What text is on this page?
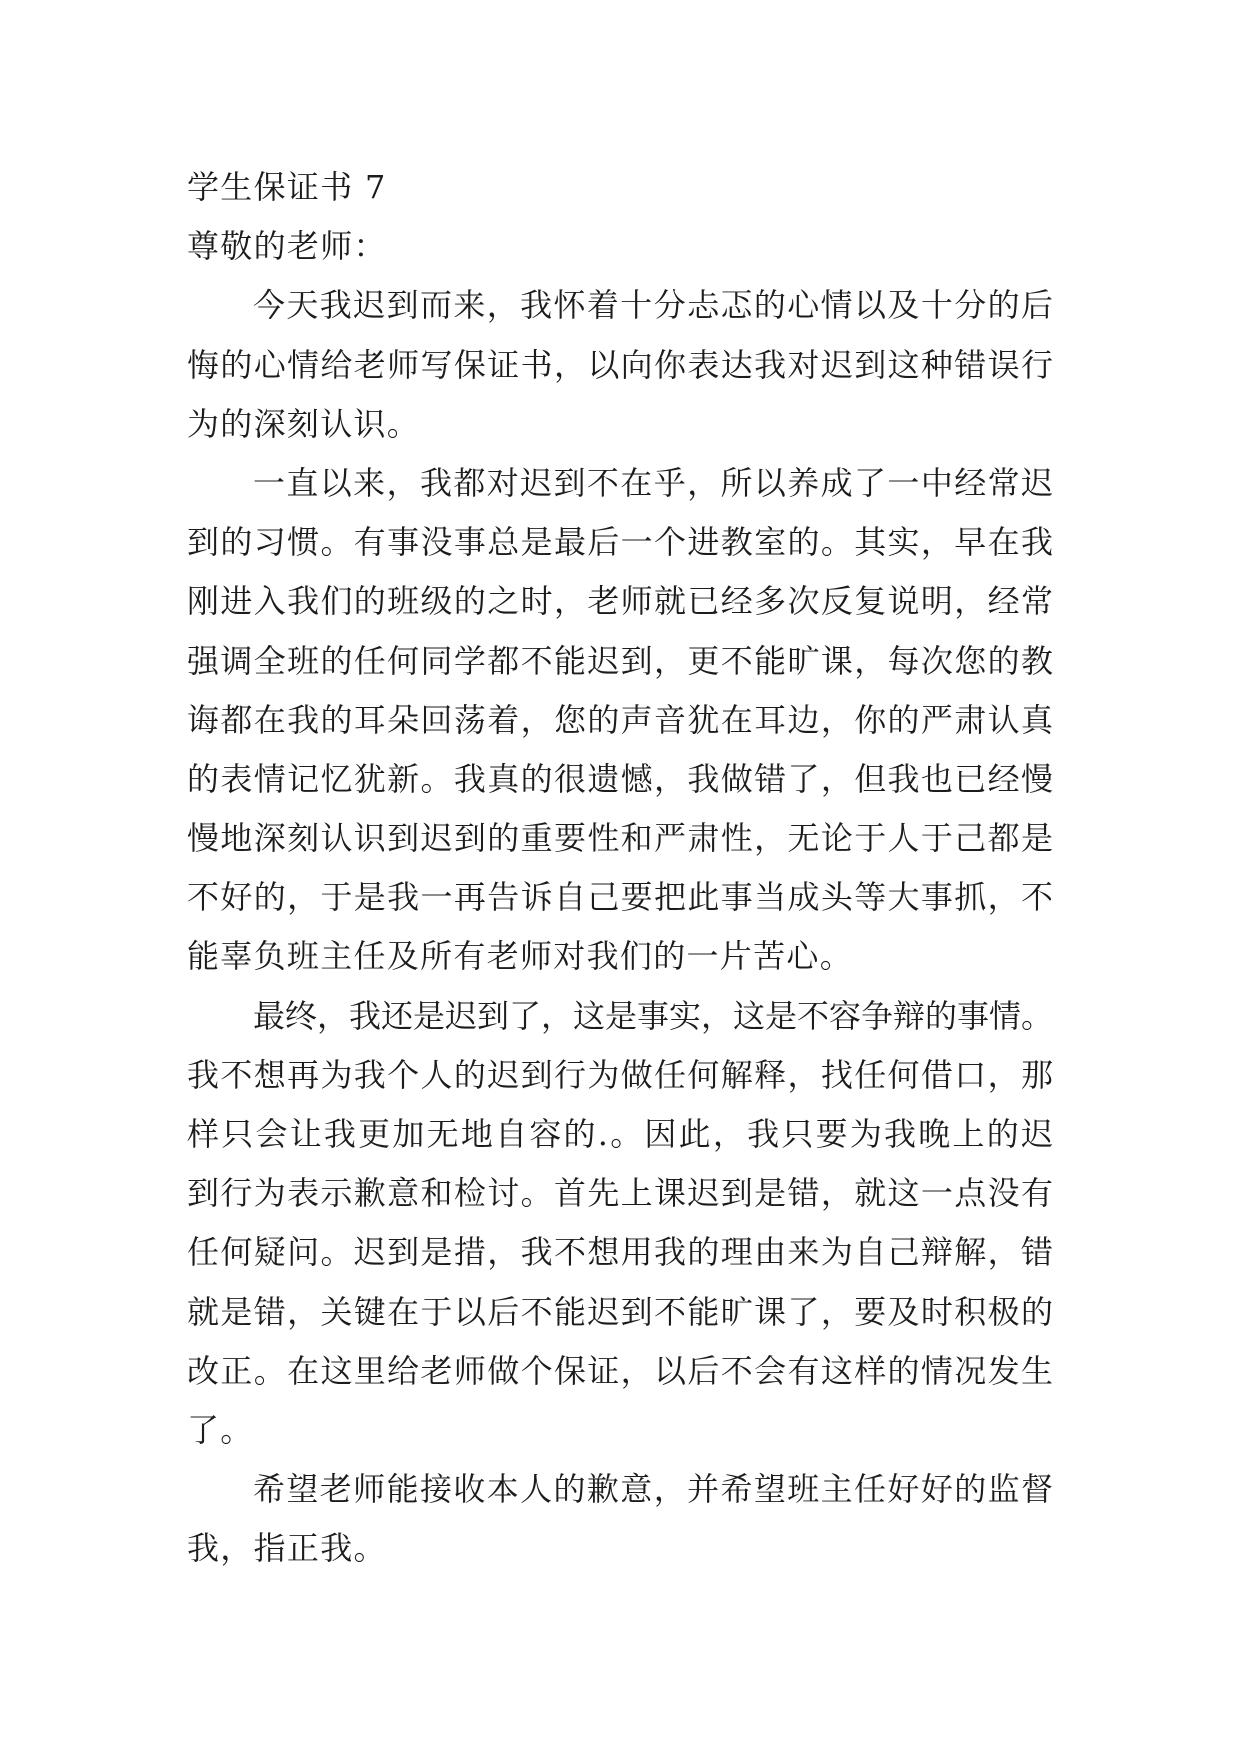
学生保证书 7
尊敬的老师：
今天我迟到而来，我怀着十分忐忑的心情以及十分的后
悔的心情给老师写保证书，以向你表达我对迟到这种错误行
为的深刻认识。
一直以来，我都对迟到不在乎，所以养成了一中经常迟
到的习惯。有事没事总是最后一个进教室的。其实，早在我
刚进入我们的班级的之时，老师就已经多次反复说明，经常
强调全班的任何同学都不能迟到，更不能旷课，每次您的教
诲都在我的耳朵回荡着，您的声音犹在耳边，你的严肃认真
的表情记忆犹新。我真的很遗憾，我做错了，但我也已经慢
慢地深刻认识到迟到的重要性和严肃性，无论于人于己都是
不好的，于是我一再告诉自己要把此事当成头等大事抓，不
能辜负班主任及所有老师对我们的一片苦心。
最终，我还是迟到了，这是事实，这是不容争辩的事情。
我不想再为我个人的迟到行为做任何解释，找任何借口，那
样只会让我更加无地自容的.。因此，我只要为我晚上的迟
到行为表示歉意和检讨。首先上课迟到是错，就这一点没有
任何疑问。迟到是措，我不想用我的理由来为自己辩解，错
就是错，关键在于以后不能迟到不能旷课了，要及时积极的
改正。在这里给老师做个保证，以后不会有这样的情况发生
了。
希望老师能接收本人的歉意，并希望班主任好好的监督
我，指正我。
